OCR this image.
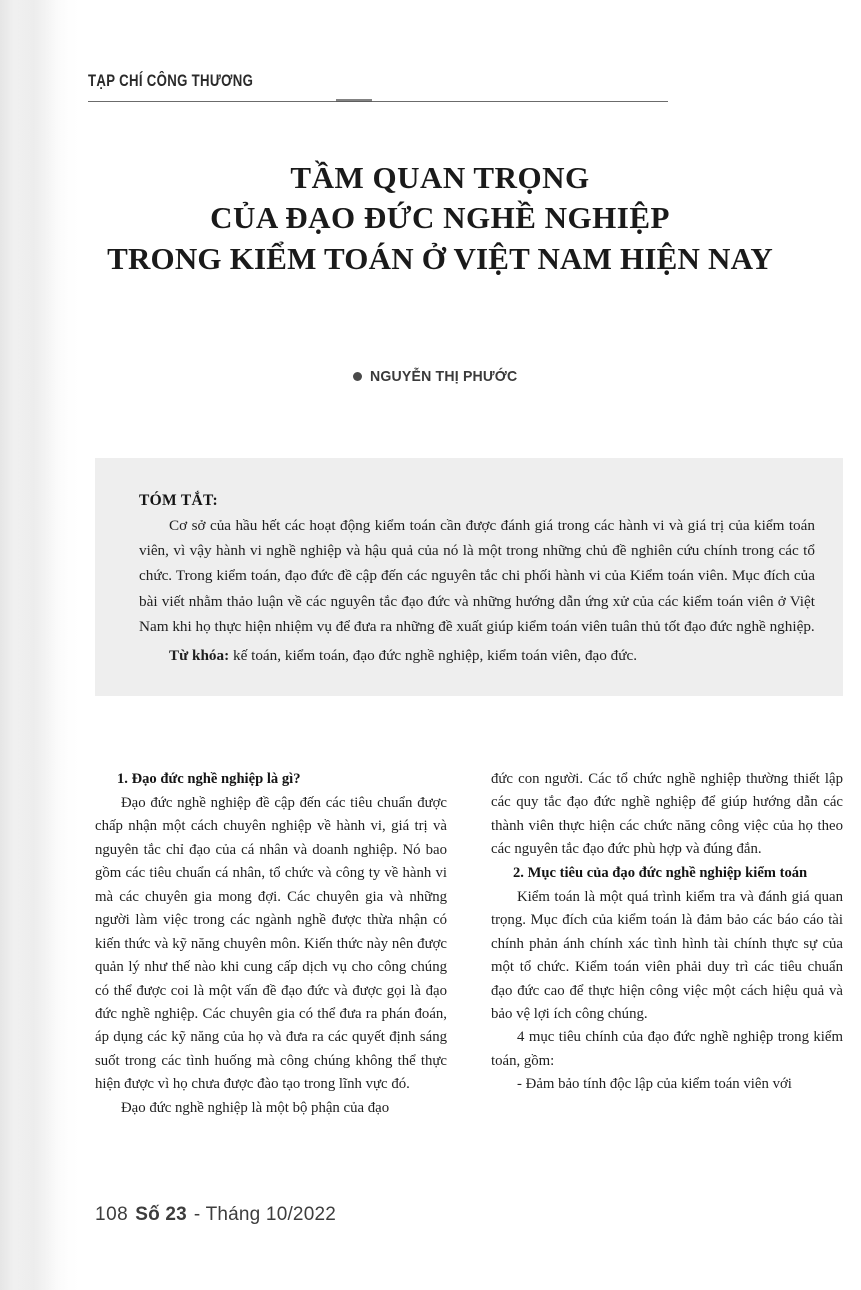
TẠP CHÍ CÔNG THƯƠNG
TẦM QUAN TRỌNG
CỦA ĐẠO ĐỨC NGHỀ NGHIỆP
TRONG KIỂM TOÁN Ở VIỆT NAM HIỆN NAY
NGUYỄN THỊ PHƯỚC
TÓM TẮT:

Cơ sở của hầu hết các hoạt động kiểm toán cần được đánh giá trong các hành vi và giá trị của kiểm toán viên, vì vậy hành vi nghề nghiệp và hậu quả của nó là một trong những chủ đề nghiên cứu chính trong các tổ chức. Trong kiểm toán, đạo đức đề cập đến các nguyên tắc chi phối hành vi của Kiểm toán viên. Mục đích của bài viết nhằm thảo luận về các nguyên tắc đạo đức và những hướng dẫn ứng xử của các kiểm toán viên ở Việt Nam khi họ thực hiện nhiệm vụ để đưa ra những đề xuất giúp kiểm toán viên tuân thủ tốt đạo đức nghề nghiệp.

Từ khóa: kế toán, kiểm toán, đạo đức nghề nghiệp, kiểm toán viên, đạo đức.

1. Đạo đức nghề nghiệp là gì?

Đạo đức nghề nghiệp đề cập đến các tiêu chuẩn được chấp nhận một cách chuyên nghiệp về hành vi, giá trị và nguyên tắc chỉ đạo của cá nhân và doanh nghiệp. Nó bao gồm các tiêu chuẩn cá nhân, tổ chức và công ty về hành vi mà các chuyên gia mong đợi. Các chuyên gia và những người làm việc trong các ngành nghề được thừa nhận có kiến thức và kỹ năng chuyên môn. Kiến thức này nên được quản lý như thế nào khi cung cấp dịch vụ cho công chúng có thể được coi là một vấn đề đạo đức và được gọi là đạo đức nghề nghiệp. Các chuyên gia có thể đưa ra phán đoán, áp dụng các kỹ năng của họ và đưa ra các quyết định sáng suốt trong các tình huống mà công chúng không thể thực hiện được vì họ chưa được đào tạo trong lĩnh vực đó.

Đạo đức nghề nghiệp là một bộ phận của đạo

đức con người. Các tổ chức nghề nghiệp thường thiết lập các quy tắc đạo đức nghề nghiệp để giúp hướng dẫn các thành viên thực hiện các chức năng công việc của họ theo các nguyên tắc đạo đức phù hợp và đúng đắn.

2. Mục tiêu của đạo đức nghề nghiệp kiểm toán

Kiểm toán là một quá trình kiểm tra và đánh giá quan trọng. Mục đích của kiểm toán là đảm bảo các báo cáo tài chính phản ánh chính xác tình hình tài chính thực sự của một tổ chức. Kiểm toán viên phải duy trì các tiêu chuẩn đạo đức cao để thực hiện công việc một cách hiệu quả và bảo vệ lợi ích công chúng.

4 mục tiêu chính của đạo đức nghề nghiệp trong kiểm toán, gồm:

- Đảm bảo tính độc lập của kiểm toán viên với

108 Số 23 - Tháng 10/2022
